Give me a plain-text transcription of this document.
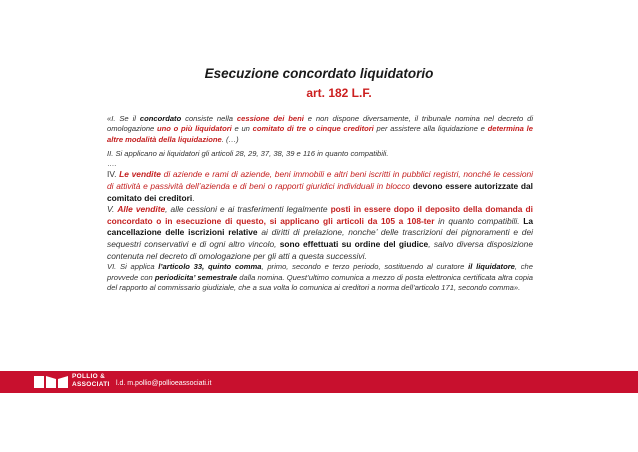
Esecuzione concordato liquidatorio
art. 182 L.F.

«I. Se il concordato consiste nella cessione dei beni e non dispone diversamente, il tribunale nomina nel decreto di omologazione uno o più liquidatori e un comitato di tre o cinque creditori per assistere alla liquidazione e determina le altre modalità della liquidazione. (…)

II. Si applicano ai liquidatori gli articoli 28, 29, 37, 38, 39 e 116 in quanto compatibili.

….

IV. Le vendite di aziende e rami di aziende, beni immobili e altri beni iscritti in pubblici registri, nonché le cessioni di attività e passività dell’azienda e di beni o rapporti giuridici individuali in blocco devono essere autorizzate dal comitato dei creditori.

V. Alle vendite, alle cessioni e ai trasferimenti legalmente posti in essere dopo il deposito della domanda di concordato o in esecuzione di questo, si applicano gli articoli da 105 a 108-ter in quanto compatibili. La cancellazione delle iscrizioni relative ai diritti di prelazione, nonche’ delle trascrizioni dei pignoramenti e dei sequestri conservativi e di ogni altro vincolo, sono effettuati su ordine del giudice, salvo diversa disposizione contenuta nel decreto di omologazione per gli atti a questa successivi.

VI. Si applica l’articolo 33, quinto comma, primo, secondo e terzo periodo, sostituendo al curatore il liquidatore, che provvede con periodicita’ semestrale dalla nomina. Quest’ultimo comunica a mezzo di posta elettronica certificata altra copia del rapporto al commissario giudiziale, che a sua volta lo comunica ai creditori a norma dell’articolo 171, secondo comma».

POLLIO &
ASSOCIATI l.d. m.pollio@pollioeassociati.it
